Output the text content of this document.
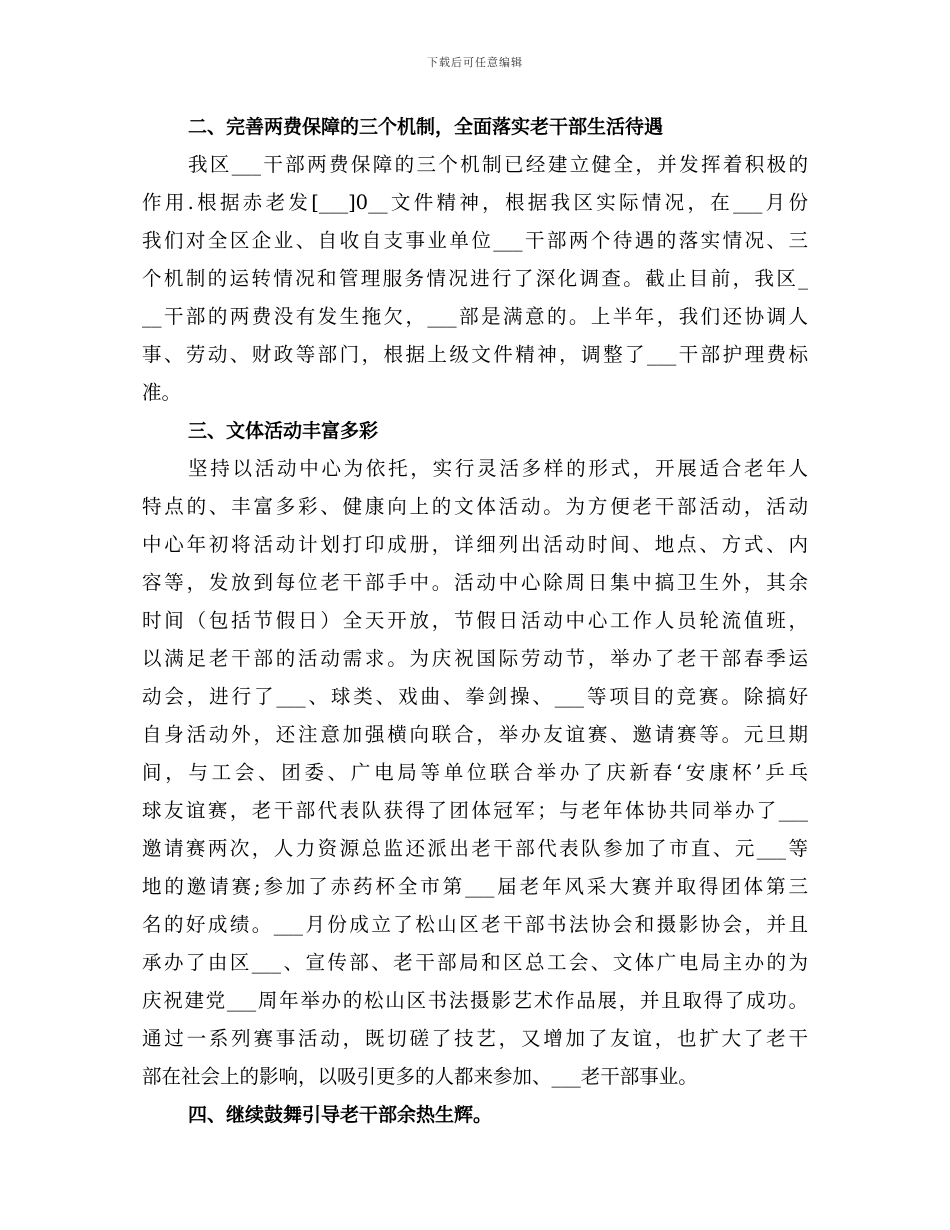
下载后可任意编辑
二、完善两费保障的三个机制，全面落实老干部生活待遇
我区___干部两费保障的三个机制已经建立健全，并发挥着积极的
作用.根据赤老发[___]0__文件精神，根据我区实际情况，在___月份
我们对全区企业、自收自支事业单位___干部两个待遇的落实情况、三
个机制的运转情况和管理服务情况进行了深化调查。截止目前，我区_
__干部的两费没有发生拖欠，___部是满意的。上半年，我们还协调人
事、劳动、财政等部门，根据上级文件精神，调整了___干部护理费标
准。
三、文体活动丰富多彩
坚持以活动中心为依托，实行灵活多样的形式，开展适合老年人
特点的、丰富多彩、健康向上的文体活动。为方便老干部活动，活动
中心年初将活动计划打印成册，详细列出活动时间、地点、方式、内
容等，发放到每位老干部手中。活动中心除周日集中搞卫生外，其余
时间（包括节假日）全天开放，节假日活动中心工作人员轮流值班，
以满足老干部的活动需求。为庆祝国际劳动节，举办了老干部春季运
动会，进行了___、球类、戏曲、拳剑操、___等项目的竞赛。除搞好
自身活动外，还注意加强横向联合，举办友谊赛、邀请赛等。元旦期
间，与工会、团委、广电局等单位联合举办了庆新春‘安康杯’乒乓
球友谊赛，老干部代表队获得了团体冠军；与老年体协共同举办了___
邀请赛两次，人力资源总监还派出老干部代表队参加了市直、元___等
地的邀请赛;参加了赤药杯全市第___届老年风采大赛并取得团体第三
名的好成绩。___月份成立了松山区老干部书法协会和摄影协会，并且
承办了由区___、宣传部、老干部局和区总工会、文体广电局主办的为
庆祝建党___周年举办的松山区书法摄影艺术作品展，并且取得了成功。
通过一系列赛事活动，既切磋了技艺，又增加了友谊，也扩大了老干
部在社会上的影响，以吸引更多的人都来参加、___老干部事业。
四、继续鼓舞引导老干部余热生辉。
